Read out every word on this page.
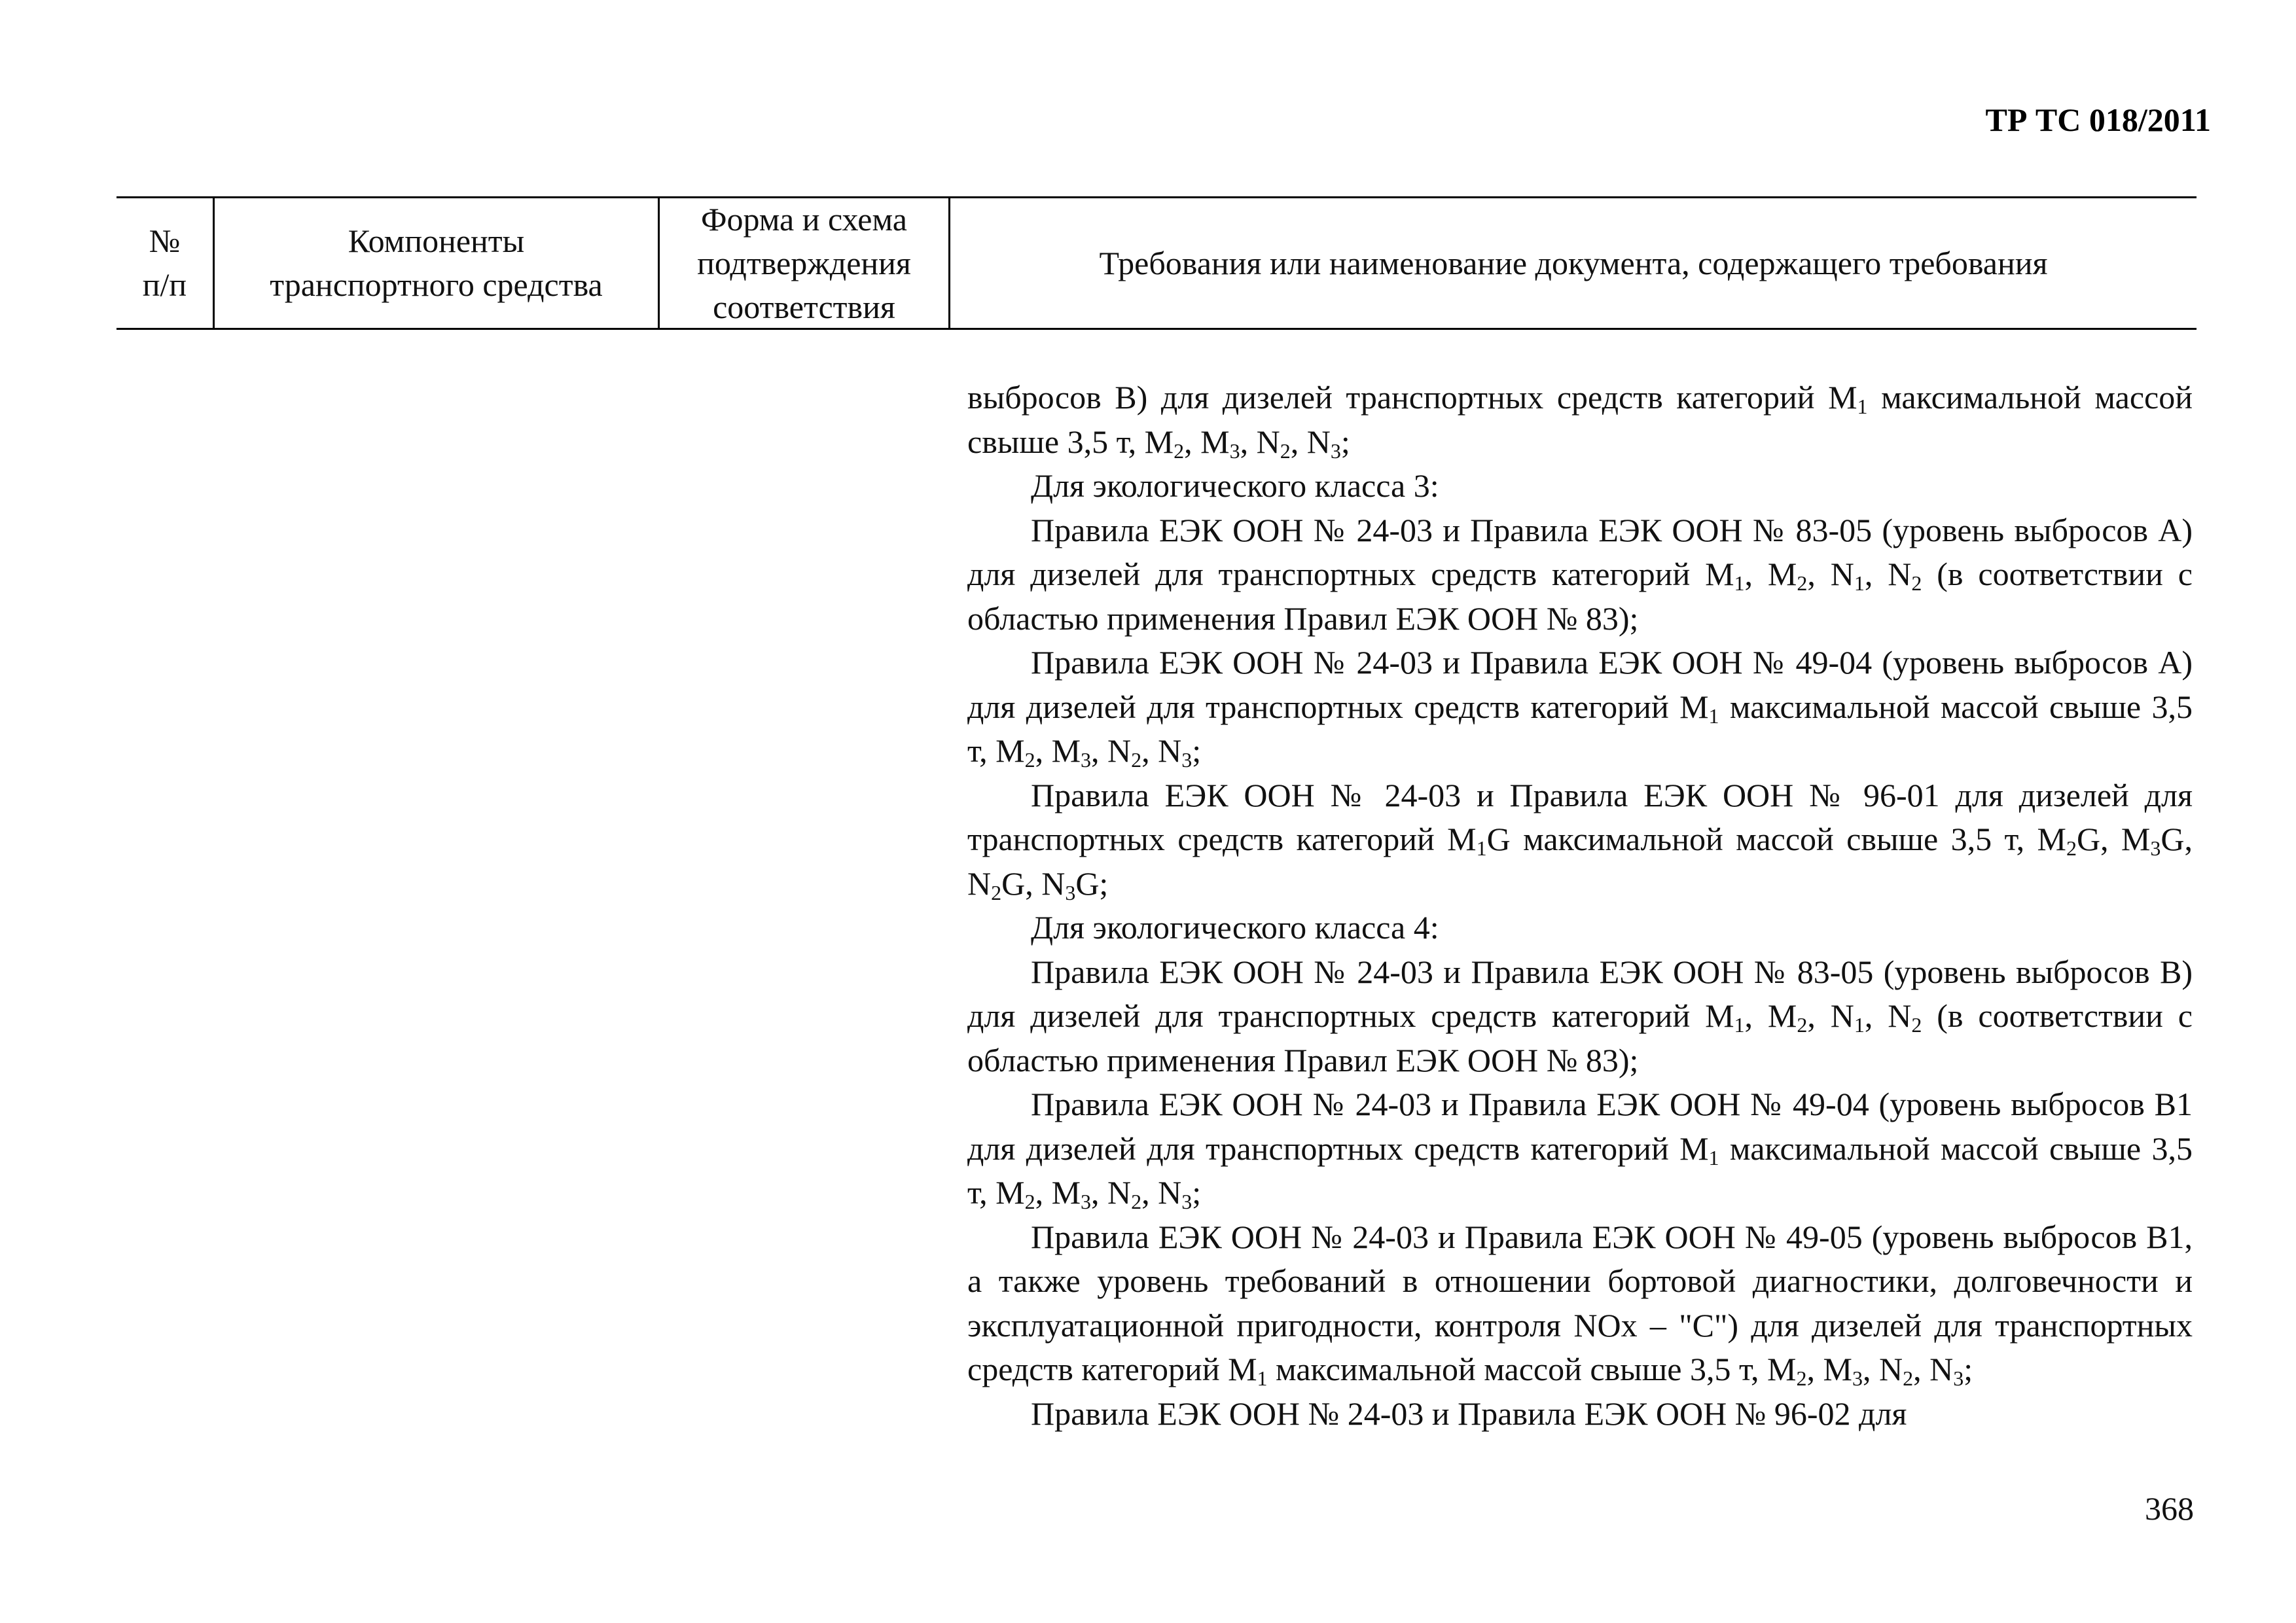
ТР ТС 018/2011
№
п/п
Компоненты
транспортного средства
Форма и схема
подтверждения
соответствия
Требования или наименование документа, содержащего требования

выбросов B) для дизелей транспортных средств категорий $M_1$ максимальной массой свыше 3,5 т, $M_2$, $M_3$, $N_2$, $N_3$;

Для экологического класса 3:

Правила ЕЭК ООН № 24-03 и Правила ЕЭК ООН № 83-05 (уровень выбросов А) для дизелей для транспортных средств категорий $M_1$, $M_2$, $N_1$, $N_2$ (в соответствии с областью применения Правил ЕЭК ООН № 83);

Правила ЕЭК ООН № 24-03 и Правила ЕЭК ООН № 49-04 (уровень выбросов A) для дизелей для транспортных средств категорий $M_1$ максимальной массой свыше 3,5 т, $M_2$, $M_3$, $N_2$, $N_3$;

Правила ЕЭК ООН № 24-03 и Правила ЕЭК ООН № 96-01 для дизелей для транспортных средств категорий $M_1G$ максимальной массой свыше 3,5 т, $M_2G$, $M_3G$, $N_2G$, $N_3G$;

Для экологического класса 4:

Правила ЕЭК ООН № 24-03 и Правила ЕЭК ООН № 83-05 (уровень выбросов B) для дизелей для транспортных средств категорий $M_1$, $M_2$, $N_1$, $N_2$ (в соответствии с областью применения Правил ЕЭК ООН № 83);

Правила ЕЭК ООН № 24-03 и Правила ЕЭК ООН № 49-04 (уровень выбросов B1 для дизелей для транспортных средств категорий $M_1$ максимальной массой свыше 3,5 т, $M_2$, $M_3$, $N_2$, $N_3$;

Правила ЕЭК ООН № 24-03 и Правила ЕЭК ООН № 49-05 (уровень выбросов B1, а также уровень требований в отношении бортовой диагностики, долговечности и эксплуатационной пригодности, контроля NOx – "C") для дизелей для транспортных средств категорий $M_1$ максимальной массой свыше 3,5 т, $M_2$, $M_3$, $N_2$, $N_3$;

Правила ЕЭК ООН № 24-03 и Правила ЕЭК ООН № 96-02 для

368
